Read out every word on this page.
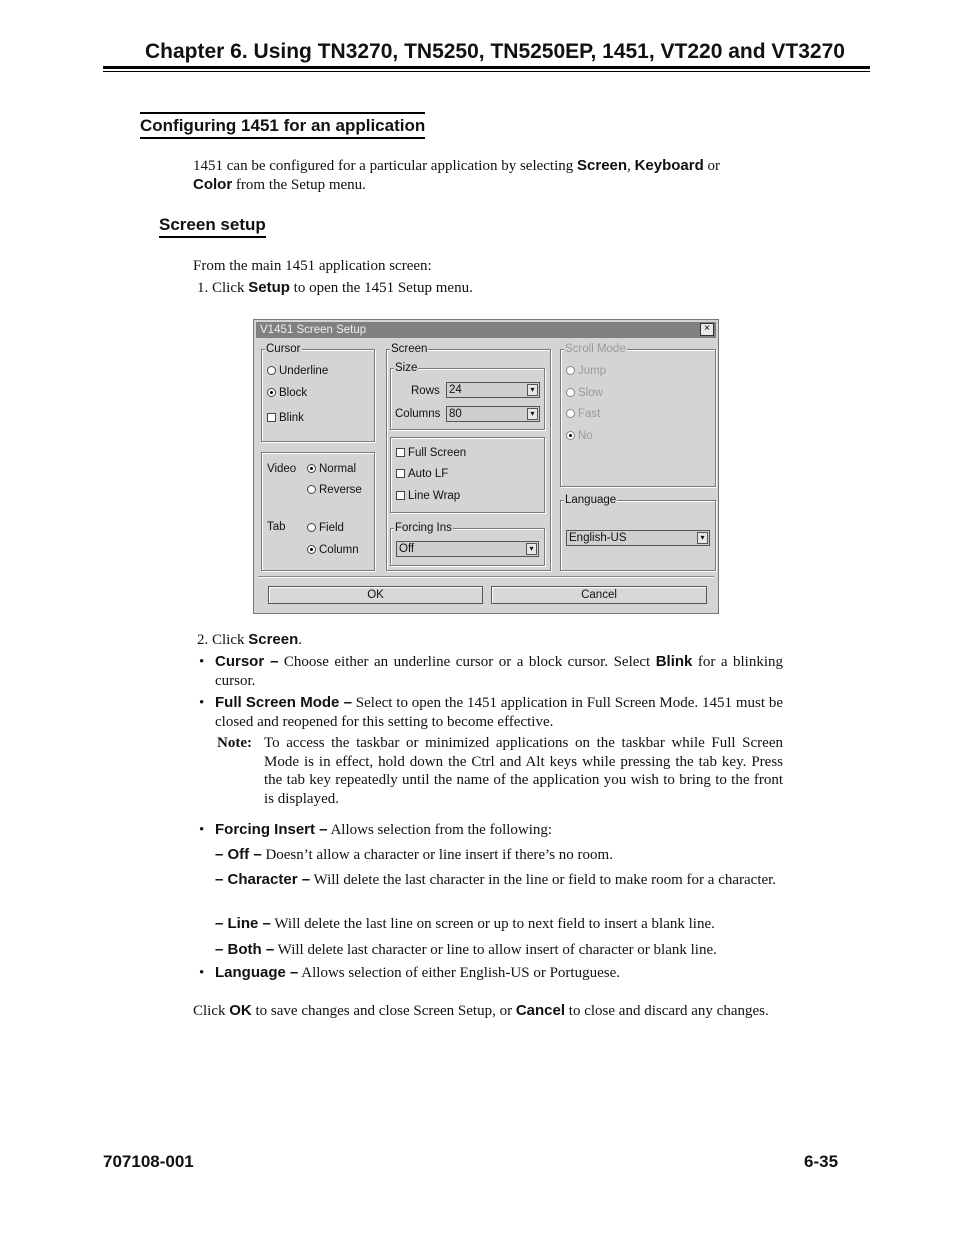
Chapter 6. Using TN3270, TN5250, TN5250EP, 1451, VT220 and VT3270
Configuring 1451 for an application
1451 can be configured for a particular application by selecting Screen, Keyboard or
Color from the Setup menu.
Screen setup
From the main 1451 application screen:
1. Click Setup to open the 1451 Setup menu.
V1451 Screen Setup	×
Cursor
Underline
Block
Blink
Video	Normal
Reverse
Tab	Field
Column
Screen
Size
Rows 24	▾
Columns 80	▾
Full Screen
Auto LF
Line Wrap
Forcing Ins
Off	▾
Scroll Mode
Jump
Slow
Fast
No
Language
English-US	▾
OK	Cancel
2. Click Screen.
• Cursor – Choose either an underline cursor or a block cursor. Select Blink for a blinking cursor.
• Full Screen Mode – Select to open the 1451 application in Full Screen Mode. 1451 must be closed and reopened for this setting to become effective.
Note: To access the taskbar or minimized applications on the taskbar while Full Screen Mode is in effect, hold down the Ctrl and Alt keys while pressing the tab key. Press the tab key repeatedly until the name of the application you wish to bring to the front is displayed.
• Forcing Insert – Allows selection from the following:
– Off – Doesn’t allow a character or line insert if there’s no room.
– Character – Will delete the last character in the line or field to make room for a character.
– Line – Will delete the last line on screen or up to next field to insert a blank line.
– Both – Will delete last character or line to allow insert of character or blank line.
• Language – Allows selection of either English-US or Portuguese.
Click OK to save changes and close Screen Setup, or Cancel to close and discard any changes.
707108-001	6-35
